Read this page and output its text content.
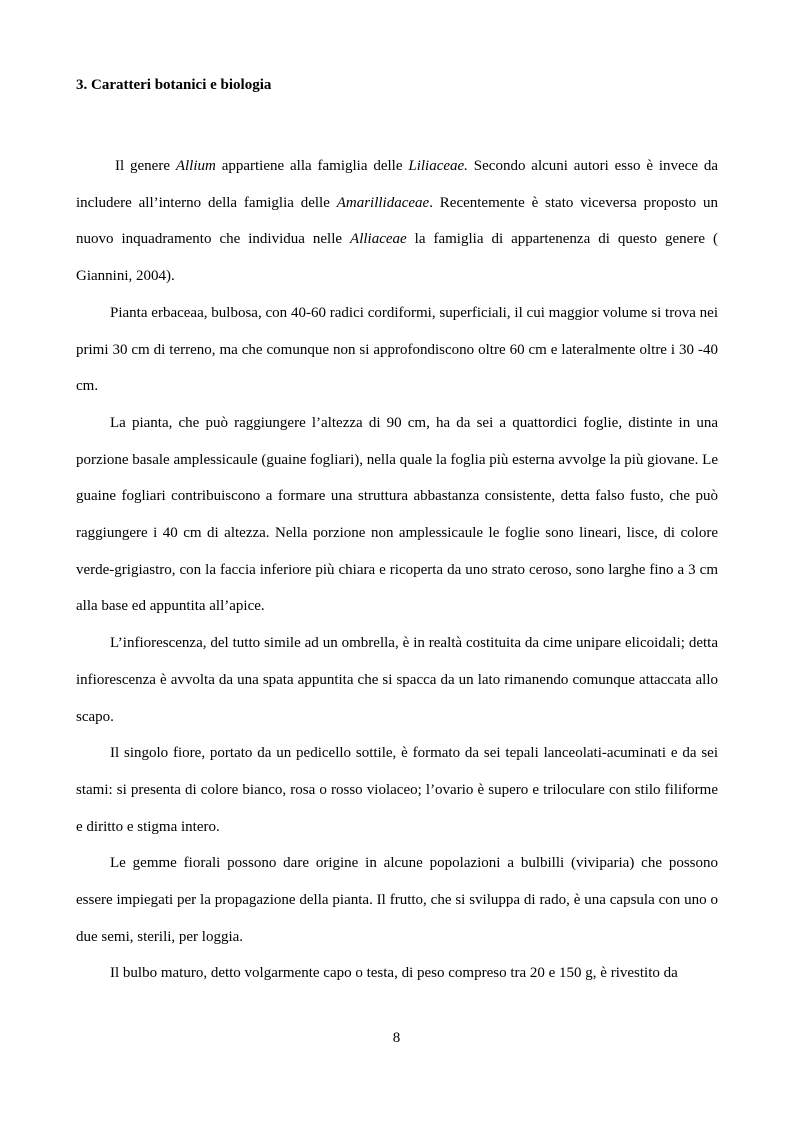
3. Caratteri botanici e biologia

Il genere Allium appartiene alla famiglia delle Liliaceae. Secondo alcuni autori esso è invece da includere all’interno della famiglia delle Amarillidaceae. Recentemente è stato viceversa proposto un nuovo inquadramento che individua nelle Alliaceae la famiglia di appartenenza di questo genere ( Giannini, 2004).

Pianta erbaceaa, bulbosa, con 40-60 radici cordiformi, superficiali, il cui maggior volume si trova nei primi 30 cm di terreno, ma che comunque non si approfondiscono oltre 60 cm e lateralmente oltre i 30 -40 cm.

La pianta, che può raggiungere l’altezza di 90 cm, ha da sei a quattordici foglie, distinte in una porzione basale amplessicaule (guaine fogliari), nella quale la foglia più esterna avvolge la più giovane. Le guaine fogliari contribuiscono a formare una struttura abbastanza consistente, detta falso fusto, che può raggiungere i 40 cm di altezza. Nella porzione non amplessicaule le foglie sono lineari, lisce, di colore verde-grigiastro, con la faccia inferiore più chiara e ricoperta da uno strato ceroso, sono larghe fino a 3 cm alla base ed appuntita all’apice.

L’infiorescenza, del tutto simile ad un ombrella, è in realtà costituita da cime unipare elicoidali; detta infiorescenza è avvolta da una spata appuntita che si spacca da un lato rimanendo comunque attaccata allo scapo.

Il singolo fiore, portato da un pedicello sottile, è formato da sei tepali lanceolati-acuminati e da sei stami: si presenta di colore bianco, rosa o rosso violaceo; l’ovario è supero e triloculare con stilo filiforme e diritto e stigma intero.

Le gemme fiorali possono dare origine in alcune popolazioni a bulbilli (viviparia) che possono essere impiegati per la propagazione della pianta. Il frutto, che si sviluppa di rado, è una capsula con uno o due semi, sterili, per loggia.

Il bulbo maturo, detto volgarmente capo o testa, di peso compreso tra 20 e 150 g, è rivestito da

8
